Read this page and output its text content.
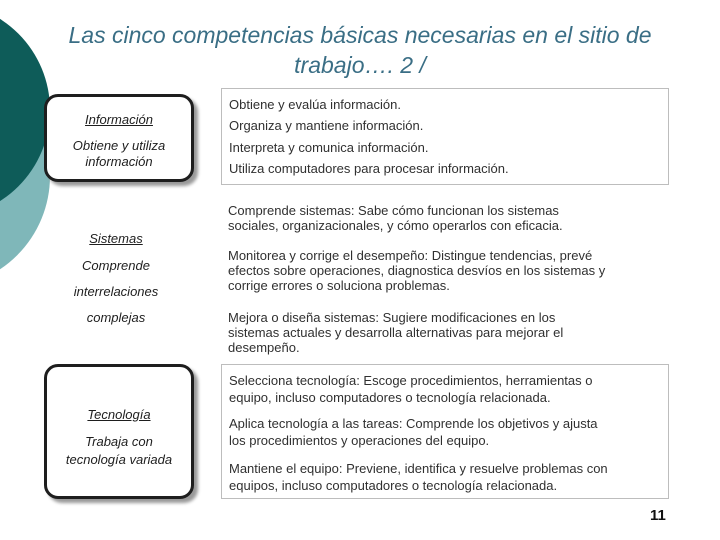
Las cinco competencias básicas necesarias en el sitio de
trabajo…. 2 /
Información
Obtiene y utiliza
información
Obtiene y evalúa información.
Organiza y mantiene información.
Interpreta y comunica información.
Utiliza computadores para procesar información.
Sistemas
Comprende
interrelaciones
complejas
Comprende sistemas: Sabe cómo funcionan los sistemas
sociales, organizacionales, y cómo operarlos con eficacia.
Monitorea y corrige el desempeño: Distingue tendencias, prevé
efectos sobre operaciones, diagnostica desvíos en los sistemas y
corrige errores o soluciona problemas.
Mejora o diseña sistemas: Sugiere modificaciones en los
sistemas actuales y desarrolla alternativas para mejorar el
desempeño.
Tecnología
Trabaja con
tecnología variada
Selecciona tecnología: Escoge procedimientos, herramientas o
equipo, incluso computadores o tecnología relacionada.
Aplica tecnología a las tareas: Comprende los objetivos y ajusta
los procedimientos y operaciones del equipo.
Mantiene el equipo: Previene, identifica y resuelve problemas con
equipos, incluso computadores o tecnología relacionada.
11
